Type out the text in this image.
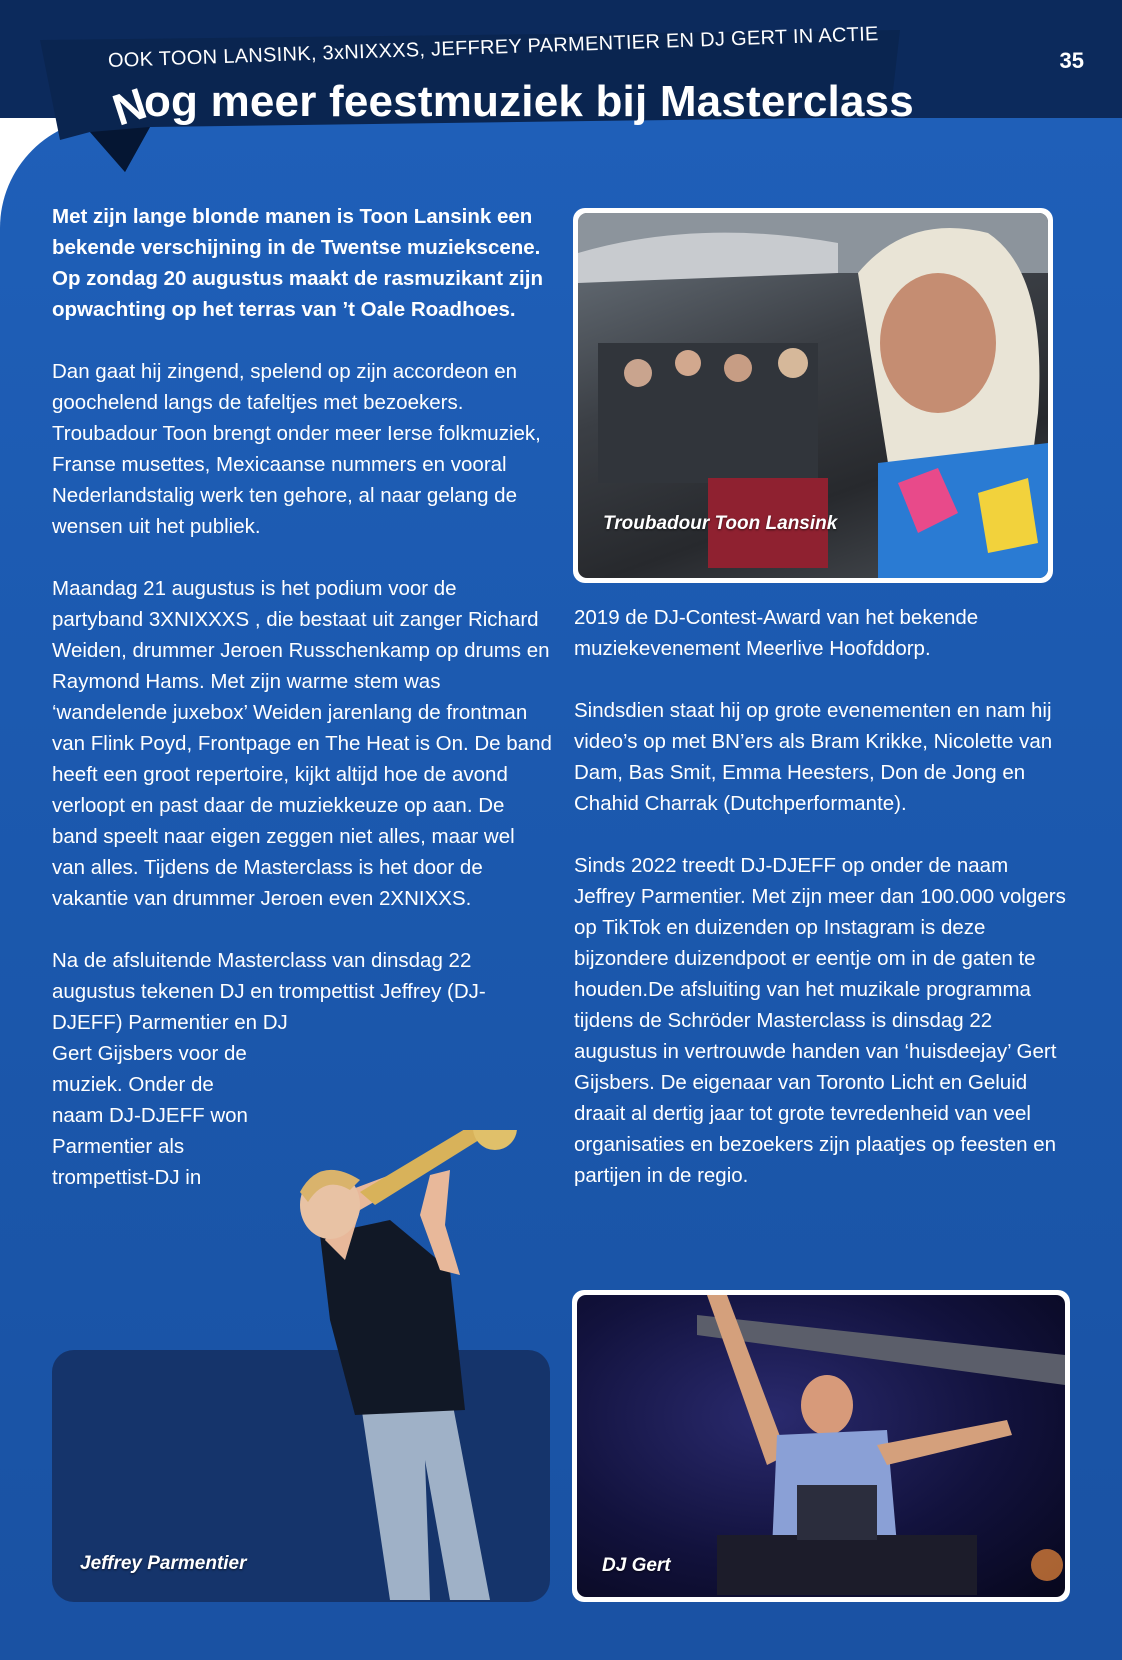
35
OOK TOON LANSINK, 3xNIXXXS, JEFFREY PARMENTIER EN DJ GERT IN ACTIE
Nog meer feestmuziek bij Masterclass

Met zijn lange blonde manen is Toon Lansink een bekende verschijning in de Twentse muziekscene. Op zondag 20 augustus maakt de rasmuzikant zijn opwachting op het terras van ’t Oale Roadhoes.

Dan gaat hij zingend, spelend op zijn accordeon en goochelend langs de tafeltjes met bezoekers. Troubadour Toon brengt onder meer Ierse folkmuziek, Franse musettes, Mexicaanse nummers en vooral Nederlandstalig werk ten gehore, al naar gelang de wensen uit het publiek.

Maandag 21 augustus is het podium voor de partyband 3XNIXXXS , die bestaat uit zanger Richard Weiden, drummer Jeroen Russchenkamp op drums en Raymond Hams. Met zijn warme stem was ‘wandelende juxebox’ Weiden jarenlang de frontman van Flink Poyd, Frontpage en The Heat is On. De band heeft een groot repertoire, kijkt altijd hoe de avond verloopt en past daar de muziekkeuze op aan. De band speelt naar eigen zeggen niet alles, maar wel van alles. Tijdens de Masterclass is het door de vakantie van drummer Jeroen even 2XNIXXS.

Na de afsluitende Masterclass van dinsdag 22 augustus tekenen DJ en trompettist Jeffrey (DJ-DJEFF) Parmentier en DJ

Gert Gijsbers voor de muziek. Onder de naam DJ-DJEFF won Parmentier als trompettist-DJ in

Jeffrey Parmentier
Troubadour Toon Lansink

2019 de DJ-Contest-Award van het bekende muziekevenement Meerlive Hoofddorp.

Sindsdien staat hij op grote evenementen en nam hij video’s op met BN’ers als Bram Krikke, Nicolette van Dam, Bas Smit, Emma Heesters, Don de Jong en Chahid Charrak (Dutchperformante).

Sinds 2022 treedt DJ-DJEFF op onder de naam Jeffrey Parmentier. Met zijn meer dan 100.000 volgers op TikTok en duizenden op Instagram is deze bijzondere duizendpoot er eentje om in de gaten te houden.De afsluiting van het muzikale programma tijdens de Schröder Masterclass is dinsdag 22 augustus in vertrouwde handen van ‘huisdeejay’ Gert Gijsbers. De eigenaar van Toronto Licht en Geluid draait al dertig jaar tot grote tevredenheid van veel organisaties en bezoekers zijn plaatjes op feesten en partijen in de regio.

DJ Gert
